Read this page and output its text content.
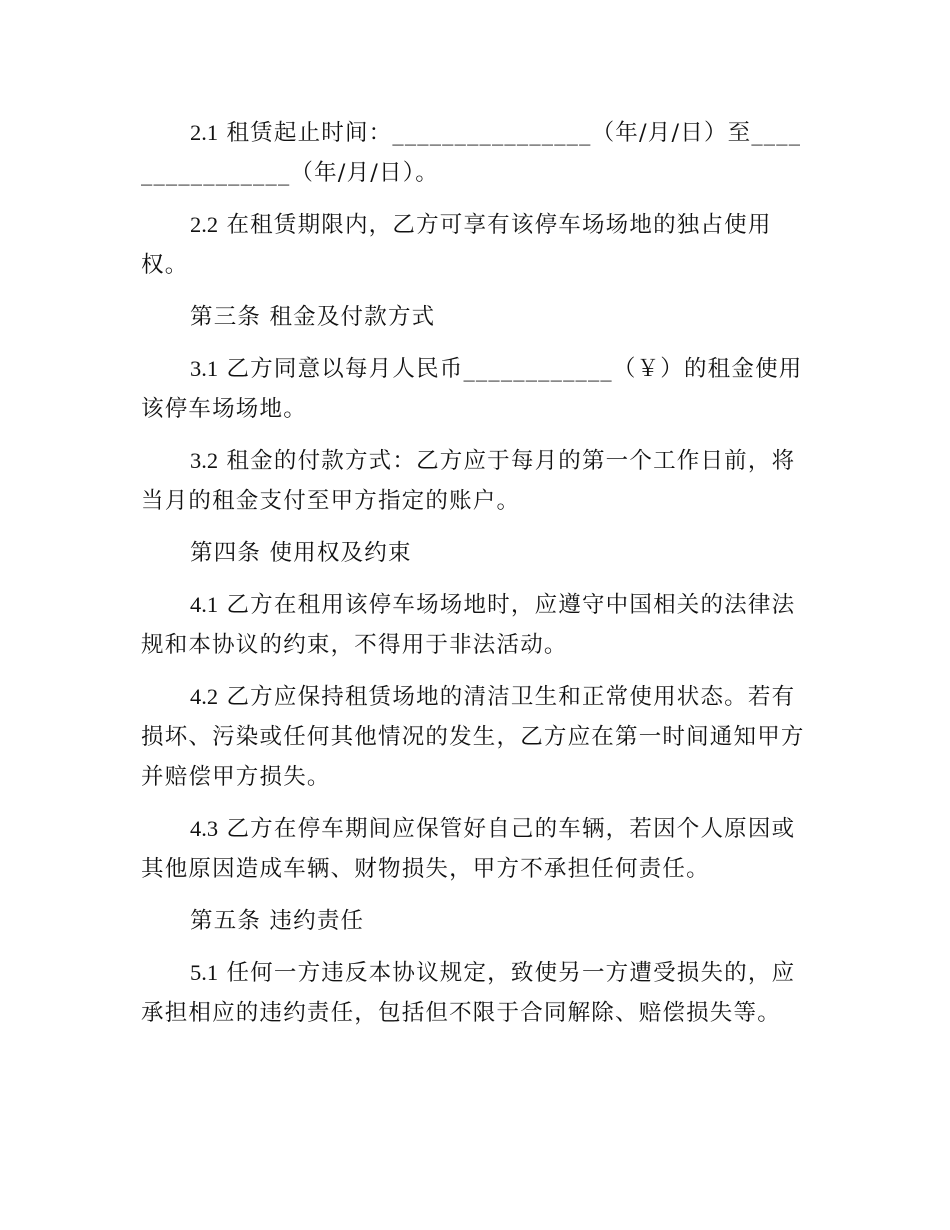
2.1 租赁起止时间：________________（年/月/日）至________________（年/月/日）。

2.2 在租赁期限内，乙方可享有该停车场场地的独占使用权。

第三条 租金及付款方式

3.1 乙方同意以每月人民币____________（￥）的租金使用该停车场场地。

3.2 租金的付款方式：乙方应于每月的第一个工作日前，将当月的租金支付至甲方指定的账户。

第四条 使用权及约束

4.1 乙方在租用该停车场场地时，应遵守中国相关的法律法规和本协议的约束，不得用于非法活动。

4.2 乙方应保持租赁场地的清洁卫生和正常使用状态。若有损坏、污染或任何其他情况的发生，乙方应在第一时间通知甲方并赔偿甲方损失。

4.3 乙方在停车期间应保管好自己的车辆，若因个人原因或其他原因造成车辆、财物损失，甲方不承担任何责任。

第五条 违约责任

5.1 任何一方违反本协议规定，致使另一方遭受损失的，应承担相应的违约责任，包括但不限于合同解除、赔偿损失等。
